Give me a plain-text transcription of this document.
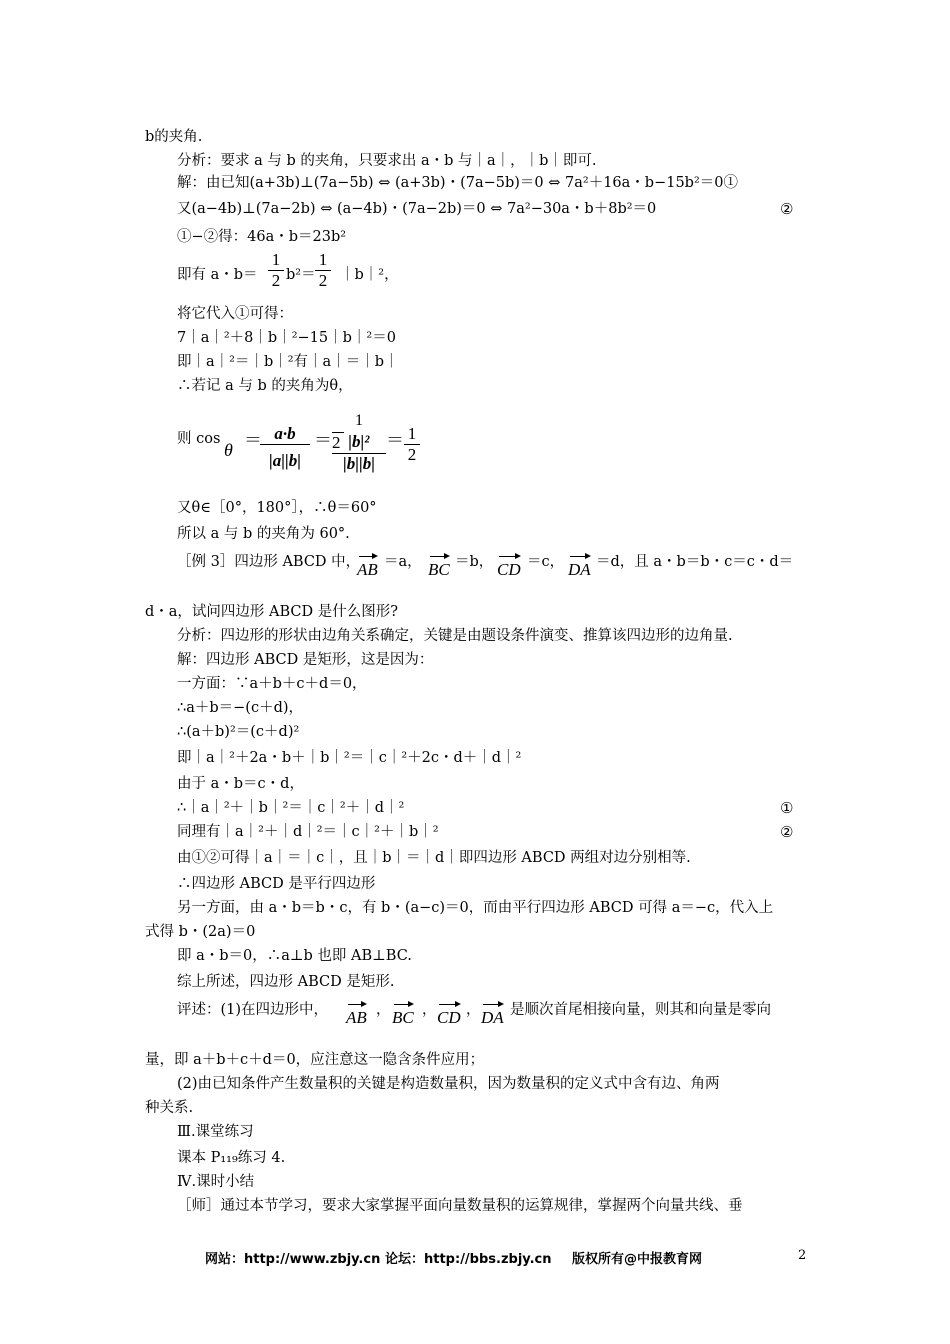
b的夹角.
分析：要求 a 与 b 的夹角，只要求出 a・b 与｜a｜，｜b｜即可.
解：由已知(a+3b)⊥(7a−5b) ⇔ (a+3b)・(7a−5b)＝0 ⇔ 7a²＋16a・b−15b²＝0①
又(a−4b)⊥(7a−2b) ⇔ (a−4b)・(7a−2b)＝0 ⇔ 7a²−30a・b＋8b²＝0	②
①−②得：46a・b＝23b²
即有 a・b＝
1
2 b²＝
1
2 ｜b｜²，
将它代入①可得：
7｜a｜²＋8｜b｜²−15｜b｜²＝0
即｜a｜²＝｜b｜²有｜a｜＝｜b｜
∴若记 a 与 b 的夹角为θ，
则 cos
θ ＝ a·b
|a||b|
＝
1
2 |b|²
|b||b|
＝ 1
2
又θ∈［0°，180°］，∴θ＝60°
所以 a 与 b 的夹角为 60°.
［例 3］四边形 ABCD 中，
AB ＝a， BC ＝b， CD ＝c， DA ＝d，且 a・b＝b・c＝c・d＝
d・a，试问四边形 ABCD 是什么图形?
分析：四边形的形状由边角关系确定，关键是由题设条件演变、推算该四边形的边角量.
解：四边形 ABCD 是矩形，这是因为：
一方面：∵a＋b＋c＋d＝0，
∴a＋b＝−(c＋d)，
∴(a＋b)²＝(c＋d)²
即｜a｜²＋2a・b＋｜b｜²＝｜c｜²＋2c・d＋｜d｜²
由于 a・b＝c・d，
∴｜a｜²＋｜b｜²＝｜c｜²＋｜d｜²	①
同理有｜a｜²＋｜d｜²＝｜c｜²＋｜b｜²	②
由①②可得｜a｜＝｜c｜，且｜b｜＝｜d｜即四边形 ABCD 两组对边分别相等.
∴四边形 ABCD 是平行四边形
另一方面，由 a・b＝b・c，有 b・(a−c)＝0，而由平行四边形 ABCD 可得 a＝−c，代入上
式得 b・(2a)＝0
即 a・b＝0，∴a⊥b 也即 AB⊥BC.
综上所述，四边形 ABCD 是矩形.
评述：(1)在四边形中， AB ， BC ， CD ， DA 是顺次首尾相接向量，则其和向量是零向
量，即 a＋b＋c＋d＝0，应注意这一隐含条件应用；
(2)由已知条件产生数量积的关键是构造数量积，因为数量积的定义式中含有边、角两
种关系.
Ⅲ.课堂练习
课本 P₁₁₉练习 4.
Ⅳ.课时小结
［师］通过本节学习，要求大家掌握平面向量数量积的运算规律，掌握两个向量共线、垂
网站：http://www.zbjy.cn 论坛：http://bbs.zbjy.cn 版权所有@中报教育网	2
